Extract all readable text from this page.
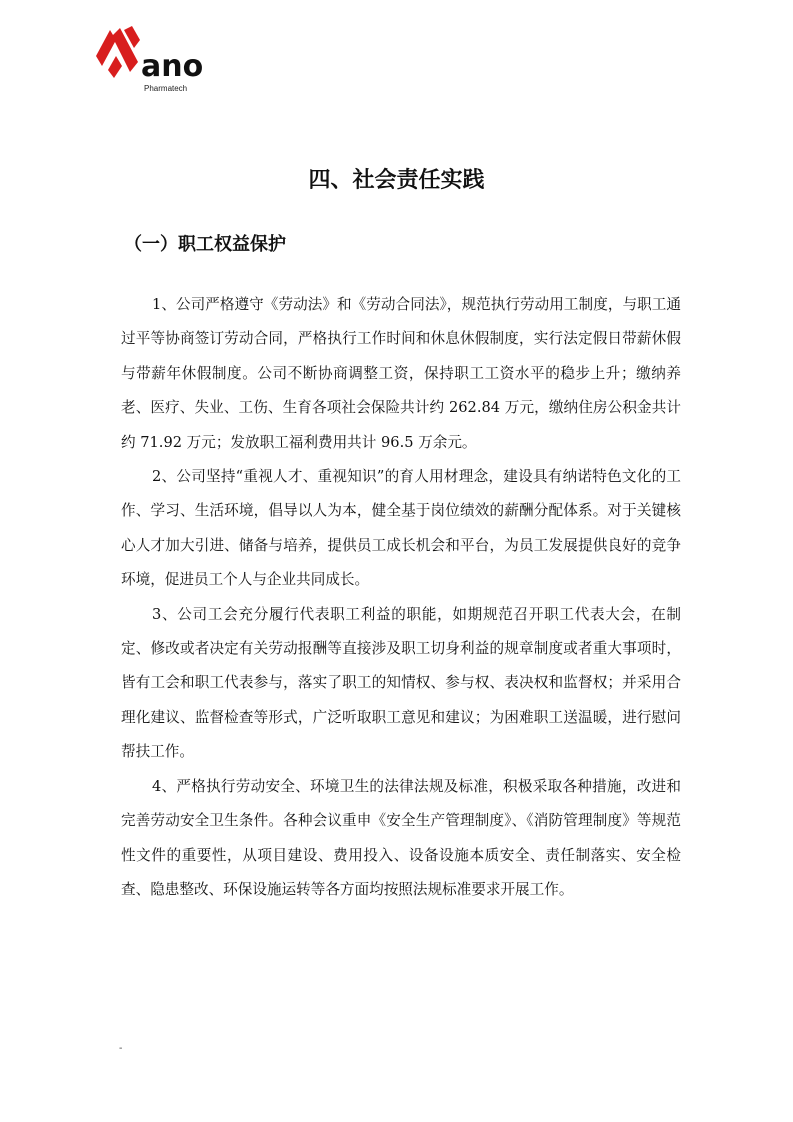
ano
Pharmatech
四、社会责任实践
（一）职工权益保护

1、公司严格遵守《劳动法》和《劳动合同法》，规范执行劳动用工制度，与职工通过平等协商签订劳动合同，严格执行工作时间和休息休假制度，实行法定假日带薪休假与带薪年休假制度。公司不断协商调整工资，保持职工工资水平的稳步上升；缴纳养老、医疗、失业、工伤、生育各项社会保险共计约 262.84 万元，缴纳住房公积金共计约 71.92 万元；发放职工福利费用共计 96.5 万余元。

2、公司坚持“重视人才、重视知识”的育人用材理念，建设具有纳诺特色文化的工作、学习、生活环境，倡导以人为本，健全基于岗位绩效的薪酬分配体系。对于关键核心人才加大引进、储备与培养，提供员工成长机会和平台，为员工发展提供良好的竞争环境，促进员工个人与企业共同成长。

3、公司工会充分履行代表职工利益的职能，如期规范召开职工代表大会，在制定、修改或者决定有关劳动报酬等直接涉及职工切身利益的规章制度或者重大事项时，皆有工会和职工代表参与，落实了职工的知情权、参与权、表决权和监督权；并采用合理化建议、监督检查等形式，广泛听取职工意见和建议；为困难职工送温暖，进行慰问帮扶工作。

4、严格执行劳动安全、环境卫生的法律法规及标准，积极采取各种措施，改进和完善劳动安全卫生条件。各种会议重申《安全生产管理制度》、《消防管理制度》等规范性文件的重要性，从项目建设、费用投入、设备设施本质安全、责任制落实、安全检查、隐患整改、环保设施运转等各方面均按照法规标准要求开展工作。

-
